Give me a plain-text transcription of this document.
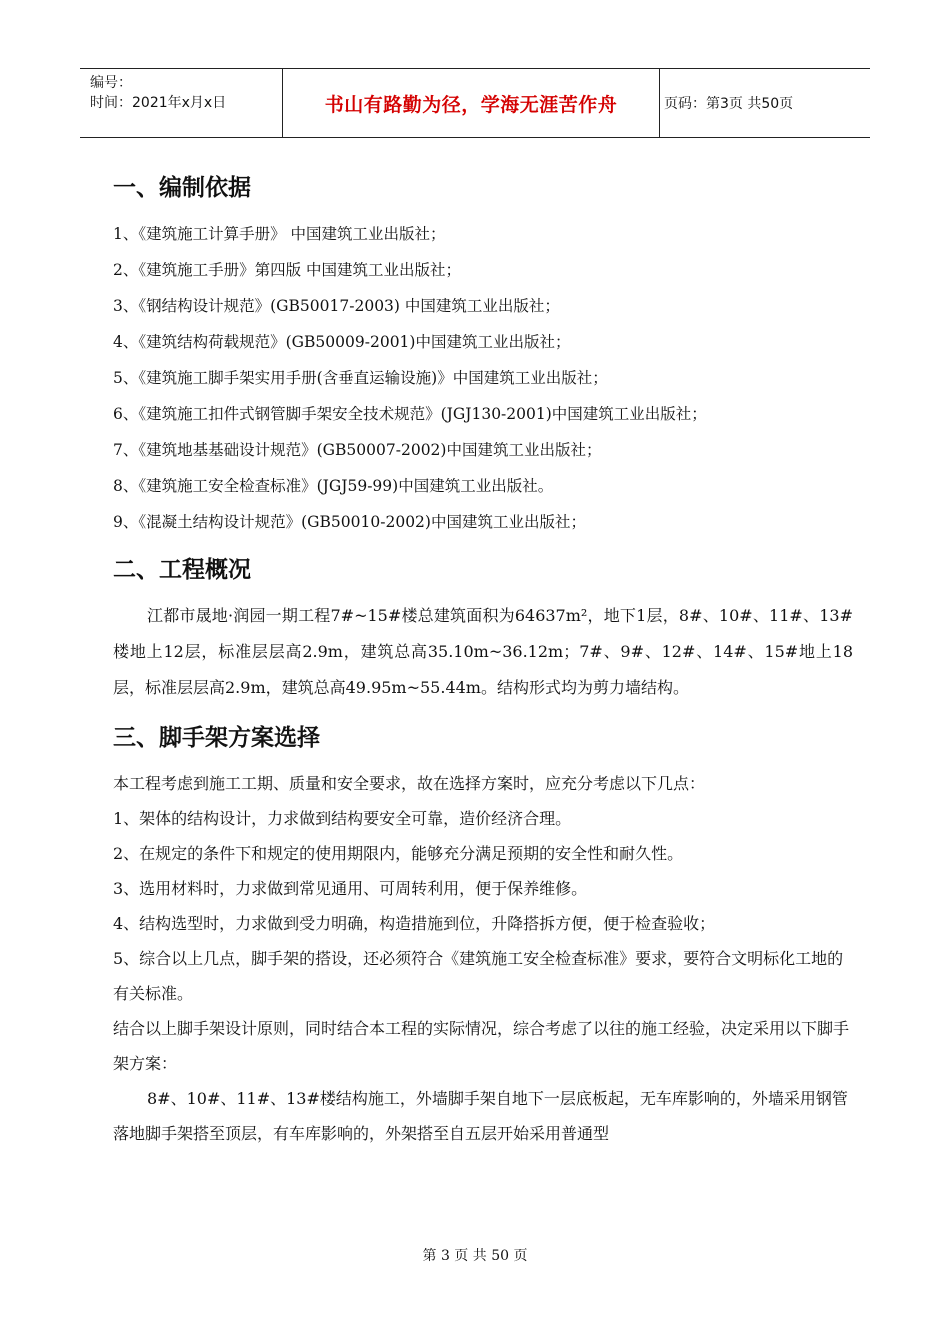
编号：
时间：2021年x月x日	书山有路勤为径，学海无涯苦作舟	页码：第3页 共50页
一、编制依据
1、《建筑施工计算手册》 中国建筑工业出版社；
2、《建筑施工手册》第四版 中国建筑工业出版社；
3、《钢结构设计规范》(GB50017-2003) 中国建筑工业出版社；
4、《建筑结构荷载规范》(GB50009-2001)中国建筑工业出版社；
5、《建筑施工脚手架实用手册(含垂直运输设施)》中国建筑工业出版社；
6、《建筑施工扣件式钢管脚手架安全技术规范》(JGJ130-2001)中国建筑工业出版社；
7、《建筑地基基础设计规范》(GB50007-2002)中国建筑工业出版社；
8、《建筑施工安全检查标准》(JGJ59-99)中国建筑工业出版社。
9、《混凝土结构设计规范》(GB50010-2002)中国建筑工业出版社；
二、工程概况

江都市晟地·润园一期工程7#~15#楼总建筑面积为64637m²，地下1层，8#、10#、11#、13#楼地上12层，标准层层高2.9m，建筑总高35.10m~36.12m；7#、9#、12#、14#、15#地上18层，标准层层高2.9m，建筑总高49.95m~55.44m。结构形式均为剪力墙结构。

三、脚手架方案选择
本工程考虑到施工工期、质量和安全要求，故在选择方案时，应充分考虑以下几点：
1、架体的结构设计，力求做到结构要安全可靠，造价经济合理。
2、在规定的条件下和规定的使用期限内，能够充分满足预期的安全性和耐久性。
3、选用材料时，力求做到常见通用、可周转利用，便于保养维修。
4、结构选型时，力求做到受力明确，构造措施到位，升降搭拆方便，便于检查验收；
5、综合以上几点，脚手架的搭设，还必须符合《建筑施工安全检查标准》要求，要符合文明标化工地的有关标准。
结合以上脚手架设计原则，同时结合本工程的实际情况，综合考虑了以往的施工经验，决定采用以下脚手架方案：
8#、10#、11#、13#楼结构施工，外墙脚手架自地下一层底板起，无车库影响的，外墙采用钢管落地脚手架搭至顶层，有车库影响的，外架搭至自五层开始采用普通型
第 3 页 共 50 页
